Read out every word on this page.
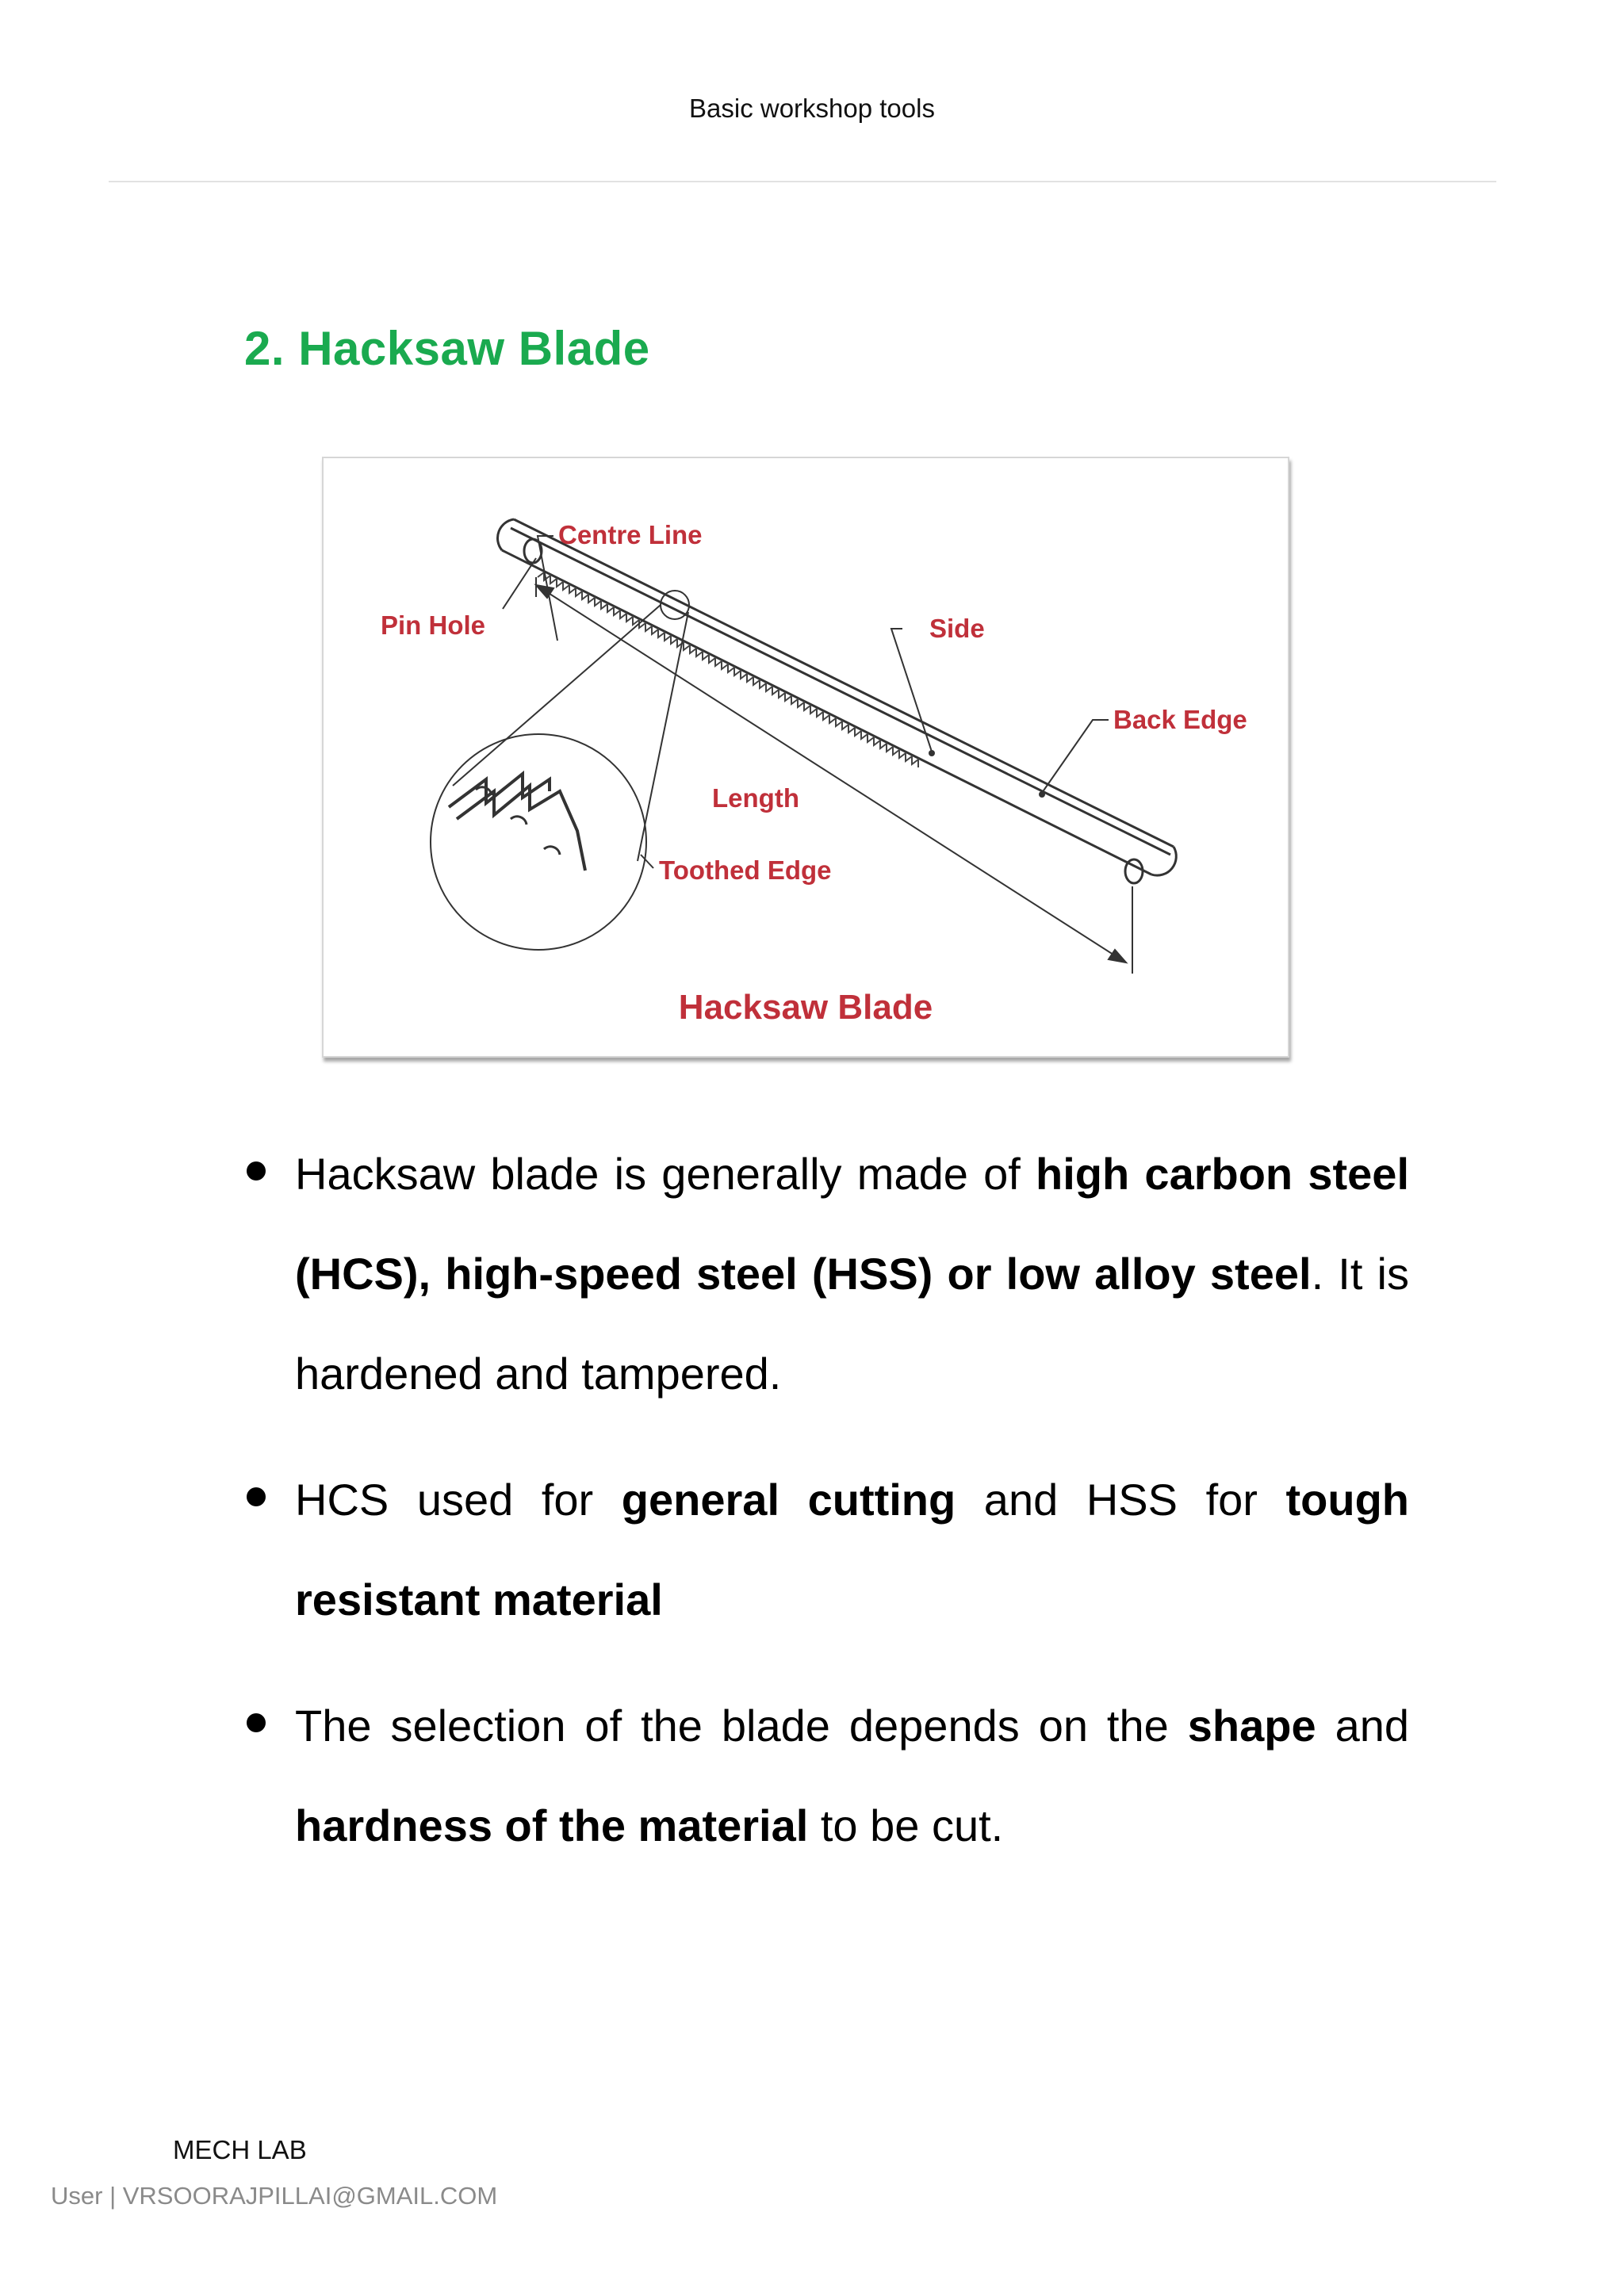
Basic workshop tools
2. Hacksaw Blade
Centre Line
Pin Hole	Side
Back Edge
Length
Toothed Edge
Hacksaw Blade
Hacksaw blade is generally made of high carbon steel (HCS), high-speed steel (HSS) or low alloy steel. It is hardened and tampered.
HCS used for general cutting and HSS for tough resistant material
The selection of the blade depends on the shape and hardness of the material to be cut.
MECH LAB
User | VRSOORAJPILLAI@GMAIL.COM
